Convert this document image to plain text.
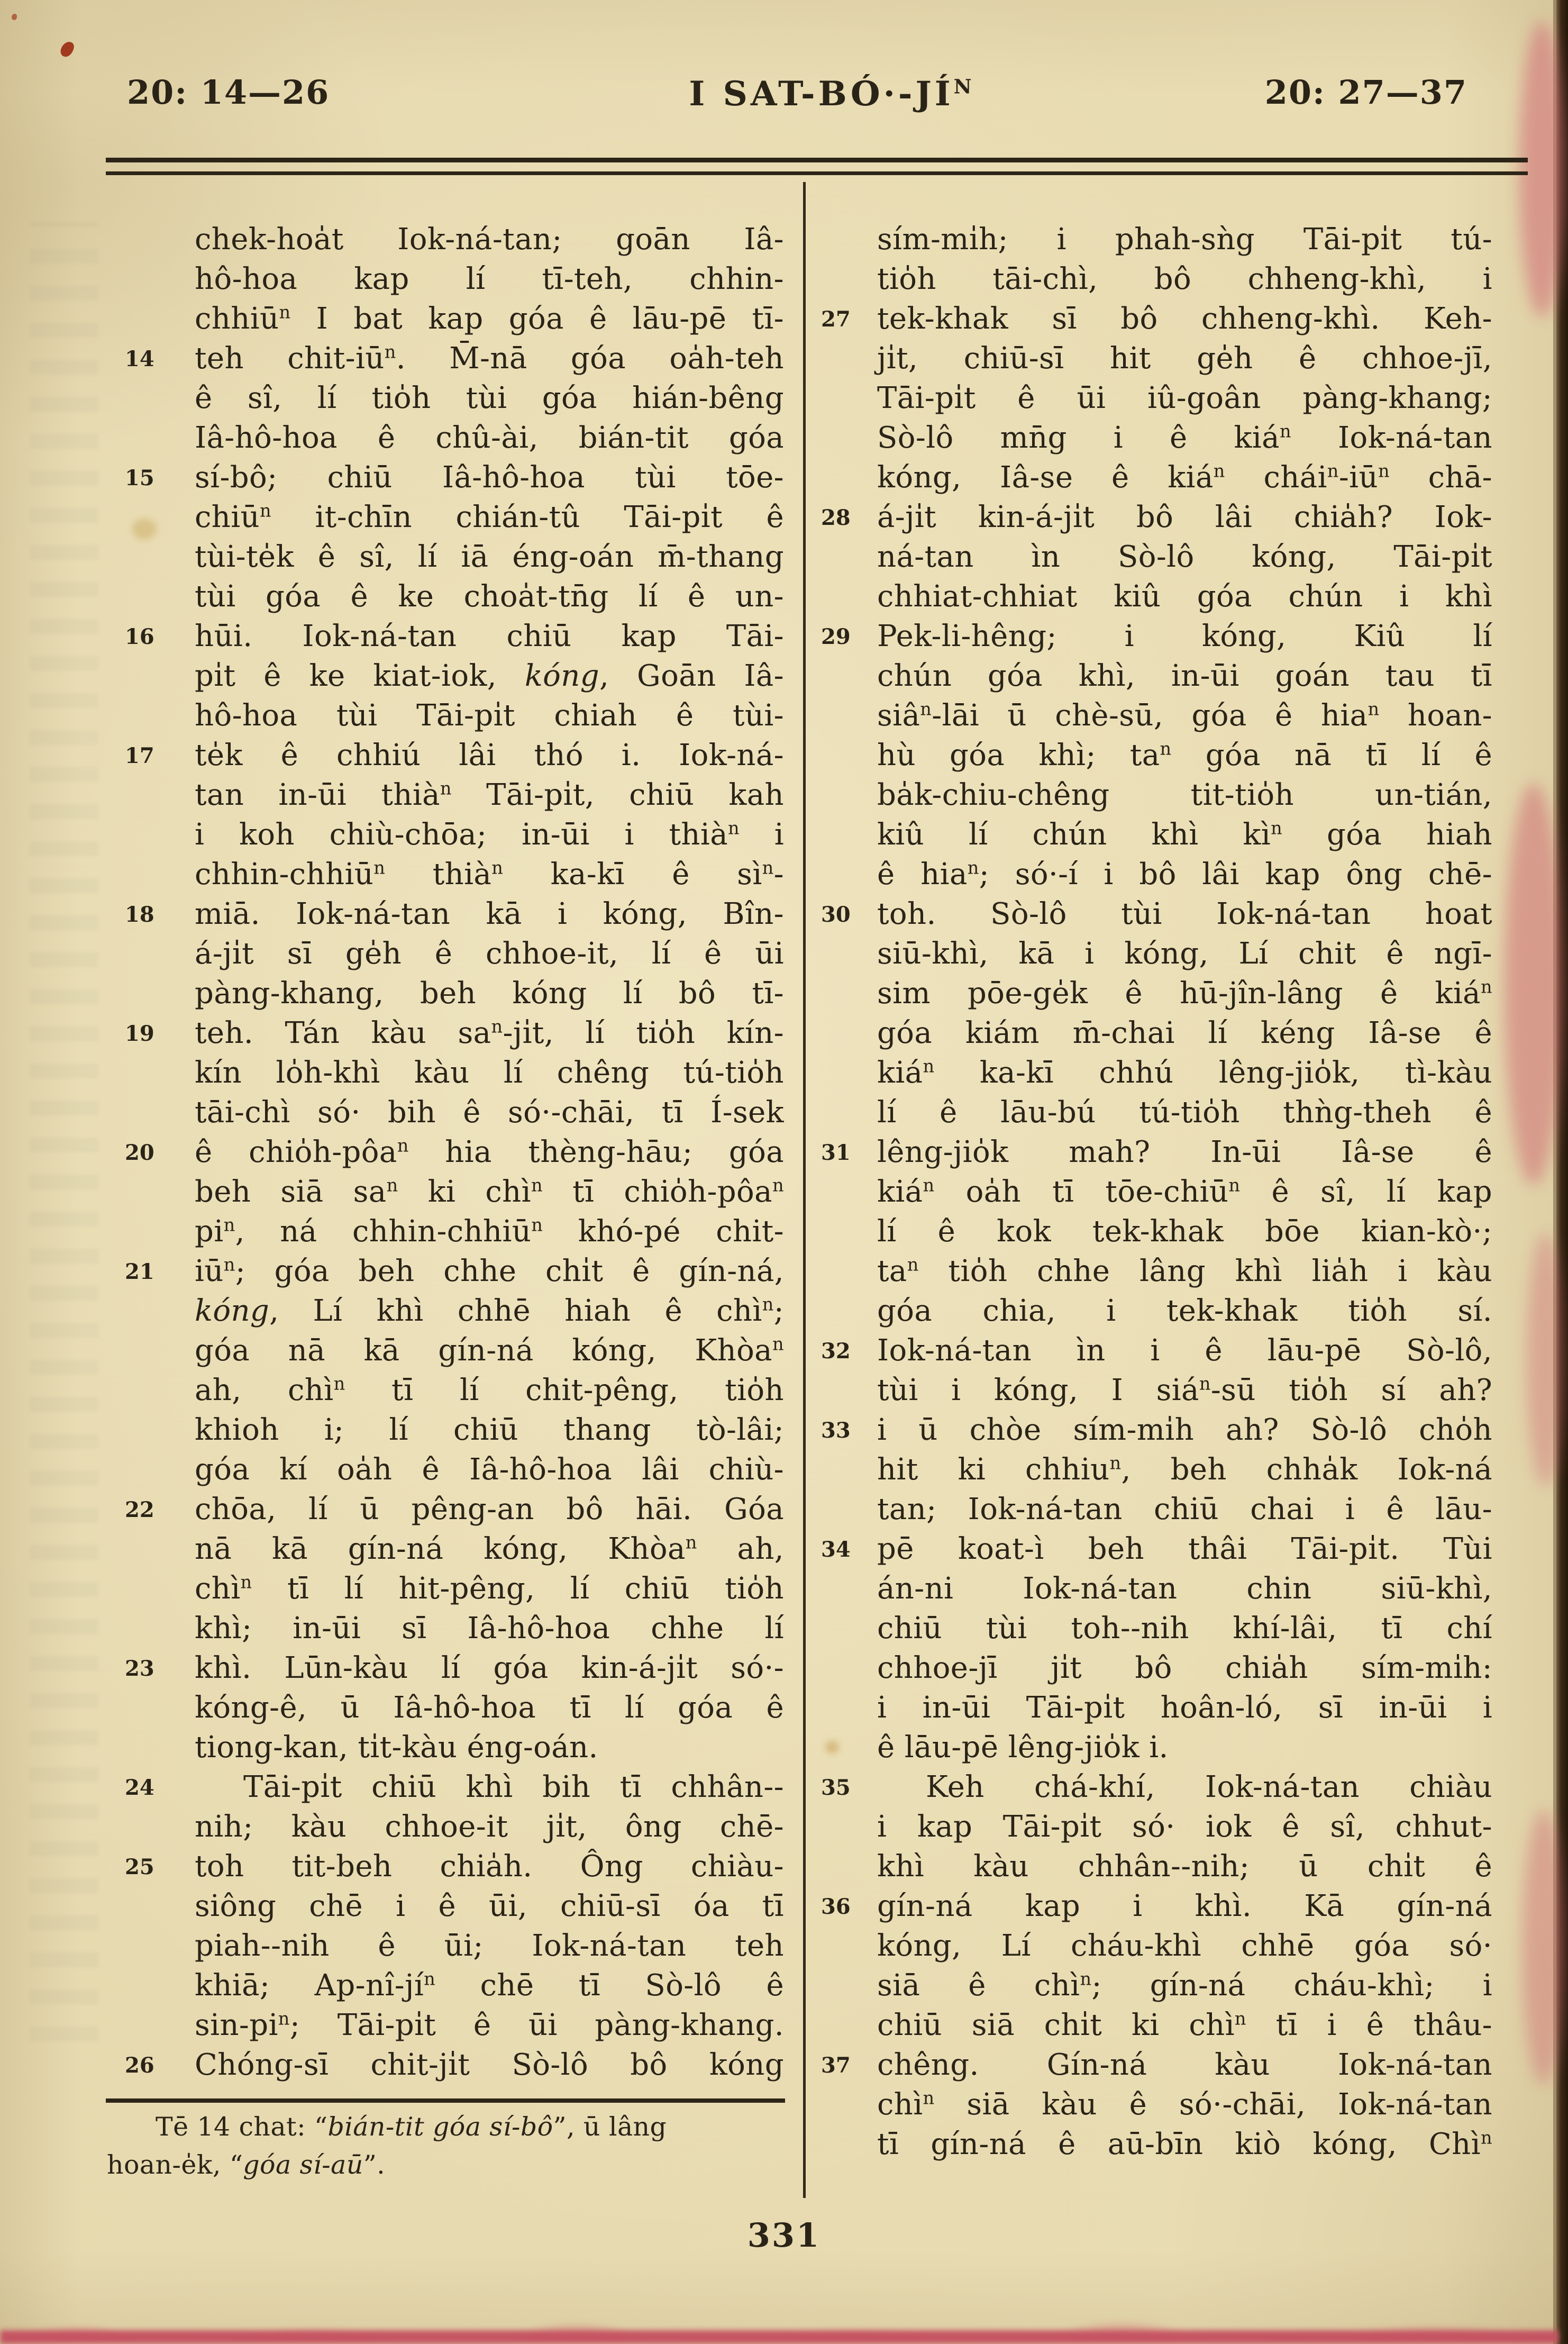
20: 14—26	I SAT-$BÓ\cdot-JÍ^N$	20: 27—37
chek-hoa̍t Iok-ná-tan; goān Iâ-
hô-hoa kap lí tī-teh, chhin-
chhiū$^n$ I bat kap góa ê lāu-pē tī-
14	teh chit-$iū^n$. M̄-nā góa oa̍h-teh
ê sî, lí tio̍h tùi góa hián-bêng
Iâ-hô-hoa ê chû-ài, bián-tit góa
15	sí-bô; chiū Iâ-hô-hoa tùi tōe-
chiū$^n$ it-chīn chián-tû Tāi-pi̍t ê
tùi-te̍k ê sî, lí iā éng-oán m̄-thang
tùi góa ê ke choa̍t-tn̄g lí ê un-
16	hūi. Iok-ná-tan chiū kap Tāi-
pi̍t ê ke kiat-iok, kóng, Goān Iâ-
hô-hoa tùi Tāi-pi̍t chiah ê tùi-
17	te̍k ê chhiú lâi thó i. Iok-ná-
tan in-ūi thià$^n$ Tāi-pi̍t, chiū kah
i koh chiù-chōa; in-ūi i thià$^n$ i
chhin-chhiū$^n$ thià$^n$ ka-kī ê $sì^n-$
18	miā. Iok-ná-tan kā i kóng, Bîn-
á-ji̍t sī ge̍h ê chhoe-it, lí ê ūi
pàng-khang, beh kóng lí bô tī-
19	teh. Tán kàu $sa^n-ji̍t$, lí tio̍h kín-
kín lo̍h-khì kàu lí chêng tú-tio̍h
tāi-chì só· bih ê só·-chāi, tī Í-sek
20	ê chio̍h-pôa$^n$ hia thèng-hāu; góa
beh siā $sa^n$ ki chì$^n$ tī chio̍h-pôa$^n$
$pi^n$, ná chhin-chhiū$^n$ khó-pé chit-
21	$iū^n$; góa beh chhe chi̍t ê gín-ná,
kóng, Lí khì chhē hiah ê chì$^n$;
góa nā kā gín-ná kóng, Khòa$^n$
ah, chì$^n$ tī lí chit-pêng, tio̍h
khioh i; lí chiū thang tò-lâi;
góa kí oa̍h ê Iâ-hô-hoa lâi chiù-
22	chōa, lí ū pêng-an bô hāi. Góa
nā kā gín-ná kóng, Khòa$^n$ ah,
chì$^n$ tī lí hit-pêng, lí chiū tio̍h
khì; in-ūi sī Iâ-hô-hoa chhe lí
23	khì. Lūn-kàu lí góa kin-á-ji̍t só·-
kóng-ê, ū Iâ-hô-hoa tī lí góa ê
tiong-kan, ti̍t-kàu éng-oán.
24	Tāi-pi̍t chiū khì bih tī chhân--
nih; kàu chhoe-it ji̍t, ông chē-
25	toh tit-beh chia̍h. Ông chiàu-
siông chē i ê ūi, chiū-sī óa tī
piah--nih ê ūi; Iok-ná-tan teh
khiā; $Ap-nî-jí^n$ chē tī Sò-lô ê
$\sin-pi^n$; Tāi-pi̍t ê ūi pàng-khang.
26	Chóng-sī chit-ji̍t Sò-lô bô kóng
sím-mi̍h; i phah-sǹg Tāi-pi̍t tú-
tio̍h tāi-chì, bô chheng-khì, i
27 tek-khak sī bô chheng-khì. Keh-
ji̍t, chiū-sī hit ge̍h ê chhoe-jī,
Tāi-pi̍t ê ūi iû-goân pàng-khang;
Sò-lô mn̄g i ê kiá$^n$ Iok-ná-tan
kóng, Iâ-se ê kiá$^n$ $chái^n-iū^n$ chā-
28 á-ji̍t kin-á-ji̍t bô lâi chia̍h? Iok-
ná-tan ìn Sò-lô kóng, Tāi-pi̍t
chhiat-chhiat kiû góa chún i khì
29 Pek-li-hêng; i kóng, Kiû lí
chún góa khì, in-ūi goán tau tī
siâ$^n$-lāi ū chè-sū, góa ê hia$^n$ hoan-
hù góa khì; $ta^n$ góa nā tī lí ê
ba̍k-chiu-chêng tit-tio̍h un-tián,
kiû lí chún khì $kì^n$ góa hiah
ê hia$^n$; só·-í i bô lâi kap ông chē-
30 toh. Sò-lô tùi Iok-ná-tan hoat
siū-khì, kā i kóng, Lí chit ê ngī-
sim pōe-ge̍k ê hū-jîn-lâng ê kiá$^n$
góa kiám m̄-chai lí kéng Iâ-se ê
kiá$^n$ ka-kī chhú lêng-jio̍k, tì-kàu
lí ê lāu-bú tú-tio̍h thǹg-theh ê
31 lêng-jio̍k mah? In-ūi Iâ-se ê
kiá$^n$ oa̍h tī tōe-chiū$^n$ ê sî, lí kap
lí ê kok tek-khak bōe kian-kò·;
$ta^n$ tio̍h chhe lâng khì lia̍h i kàu
góa chia, i tek-khak tio̍h sí.
32 Iok-ná-tan ìn i ê lāu-pē Sò-lô,
tùi i kóng, I siá$^n$-sū tio̍h sí ah?
33 i ū chòe sím-mi̍h ah? Sò-lô cho̍h
hit ki chhiu$^n$, beh chha̍k Iok-ná
tan; Iok-ná-tan chiū chai i ê lāu-
34 pē koat-ì beh thâi Tāi-pi̍t. Tùi
án-ni Iok-ná-tan chin siū-khì,
chiū tùi toh--nih khí-lâi, tī chí
chhoe-jī ji̍t bô chia̍h sím-mi̍h:
i in-ūi Tāi-pi̍t hoân-ló, sī in-ūi i
ê lāu-pē lêng-jio̍k i.
35	Keh chá-khí, Iok-ná-tan chiàu
i kap Tāi-pi̍t só· iok ê sî, chhut-
khì kàu chhân--nih; ū chi̍t ê
36 gín-ná kap i khì. Kā gín-ná
kóng, Lí cháu-khì chhē góa só·
siā ê chì$^n$; gín-ná cháu-khì; i
chiū siā chi̍t ki chì$^n$ tī i ê thâu-
37 chêng. Gín-ná kàu Iok-ná-tan
chì$^n$ siā kàu ê só·-chāi, Iok-ná-tan
tī gín-ná ê aū-bīn kiò kóng, Chì$^n$
Tē 14 chat: “bián-tit góa sí-bô”, ū lâng
hoan-e̍k, “góa sí-aū”.
331
